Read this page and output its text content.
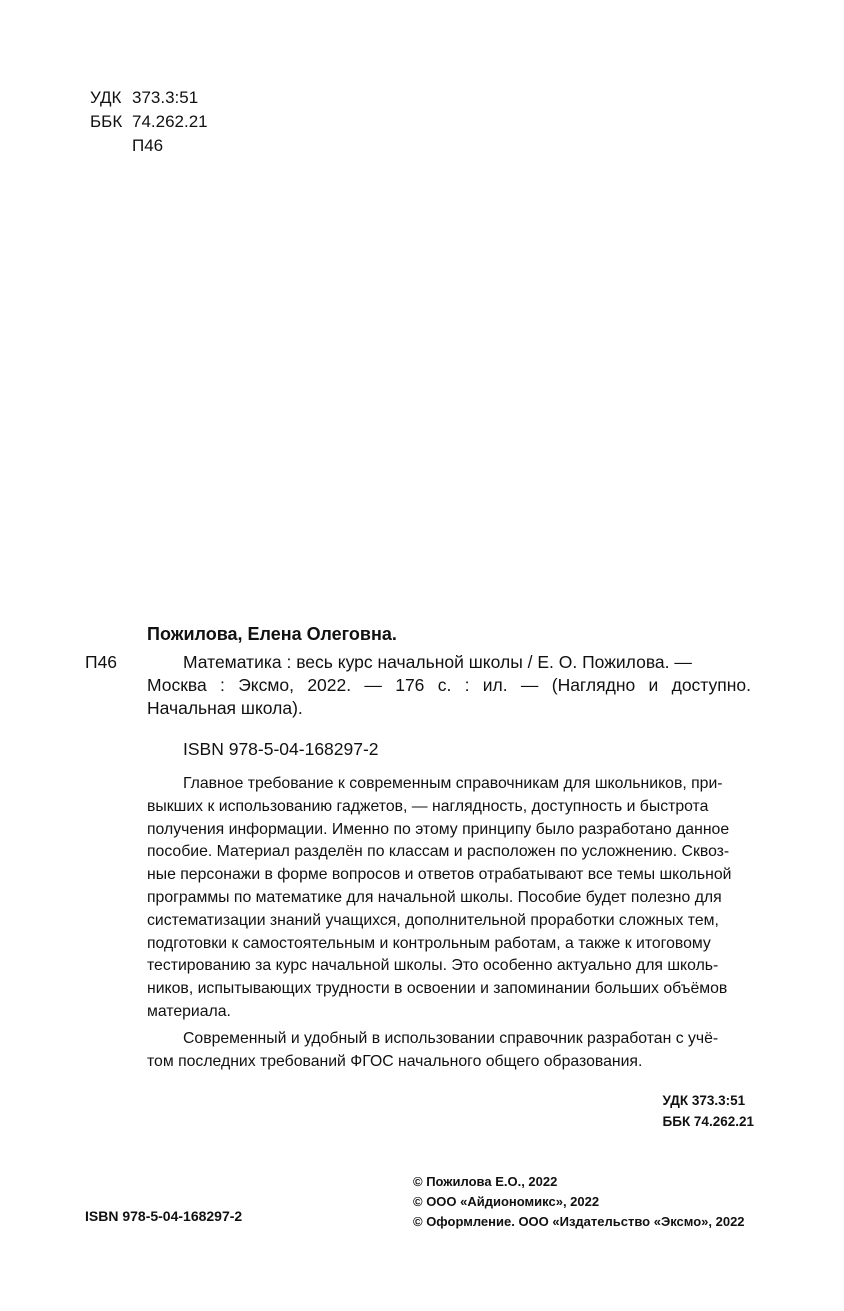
УДК 373.3:51
ББК 74.262.21
П46
Пожилова, Елена Олеговна.
П46	Математика : весь курс начальной школы / Е. О. Пожилова. —
Москва : Эксмо, 2022. — 176 с. : ил. — (Наглядно и доступно.
Начальная школа).
ISBN 978-5-04-168297-2
Главное требование к современным справочникам для школьников, при-
выкших к использованию гаджетов, — наглядность, доступность и быстрота
получения информации. Именно по этому принципу было разработано данное
пособие. Материал разделён по классам и расположен по усложнению. Сквоз-
ные персонажи в форме вопросов и ответов отрабатывают все темы школьной
программы по математике для начальной школы. Пособие будет полезно для
систематизации знаний учащихся, дополнительной проработки сложных тем,
подготовки к самостоятельным и контрольным работам, а также к итоговому
тестированию за курс начальной школы. Это особенно актуально для школь-
ников, испытывающих трудности в освоении и запоминании больших объёмов
материала.
Современный и удобный в использовании справочник разработан с учё-
том последних требований ФГОС начального общего образования.
УДК 373.3:51
ББК 74.262.21
ISBN 978-5-04-168297-2
© Пожилова Е.О., 2022
© ООО «Айдиономикс», 2022
© Оформление. ООО «Издательство «Эксмо», 2022
